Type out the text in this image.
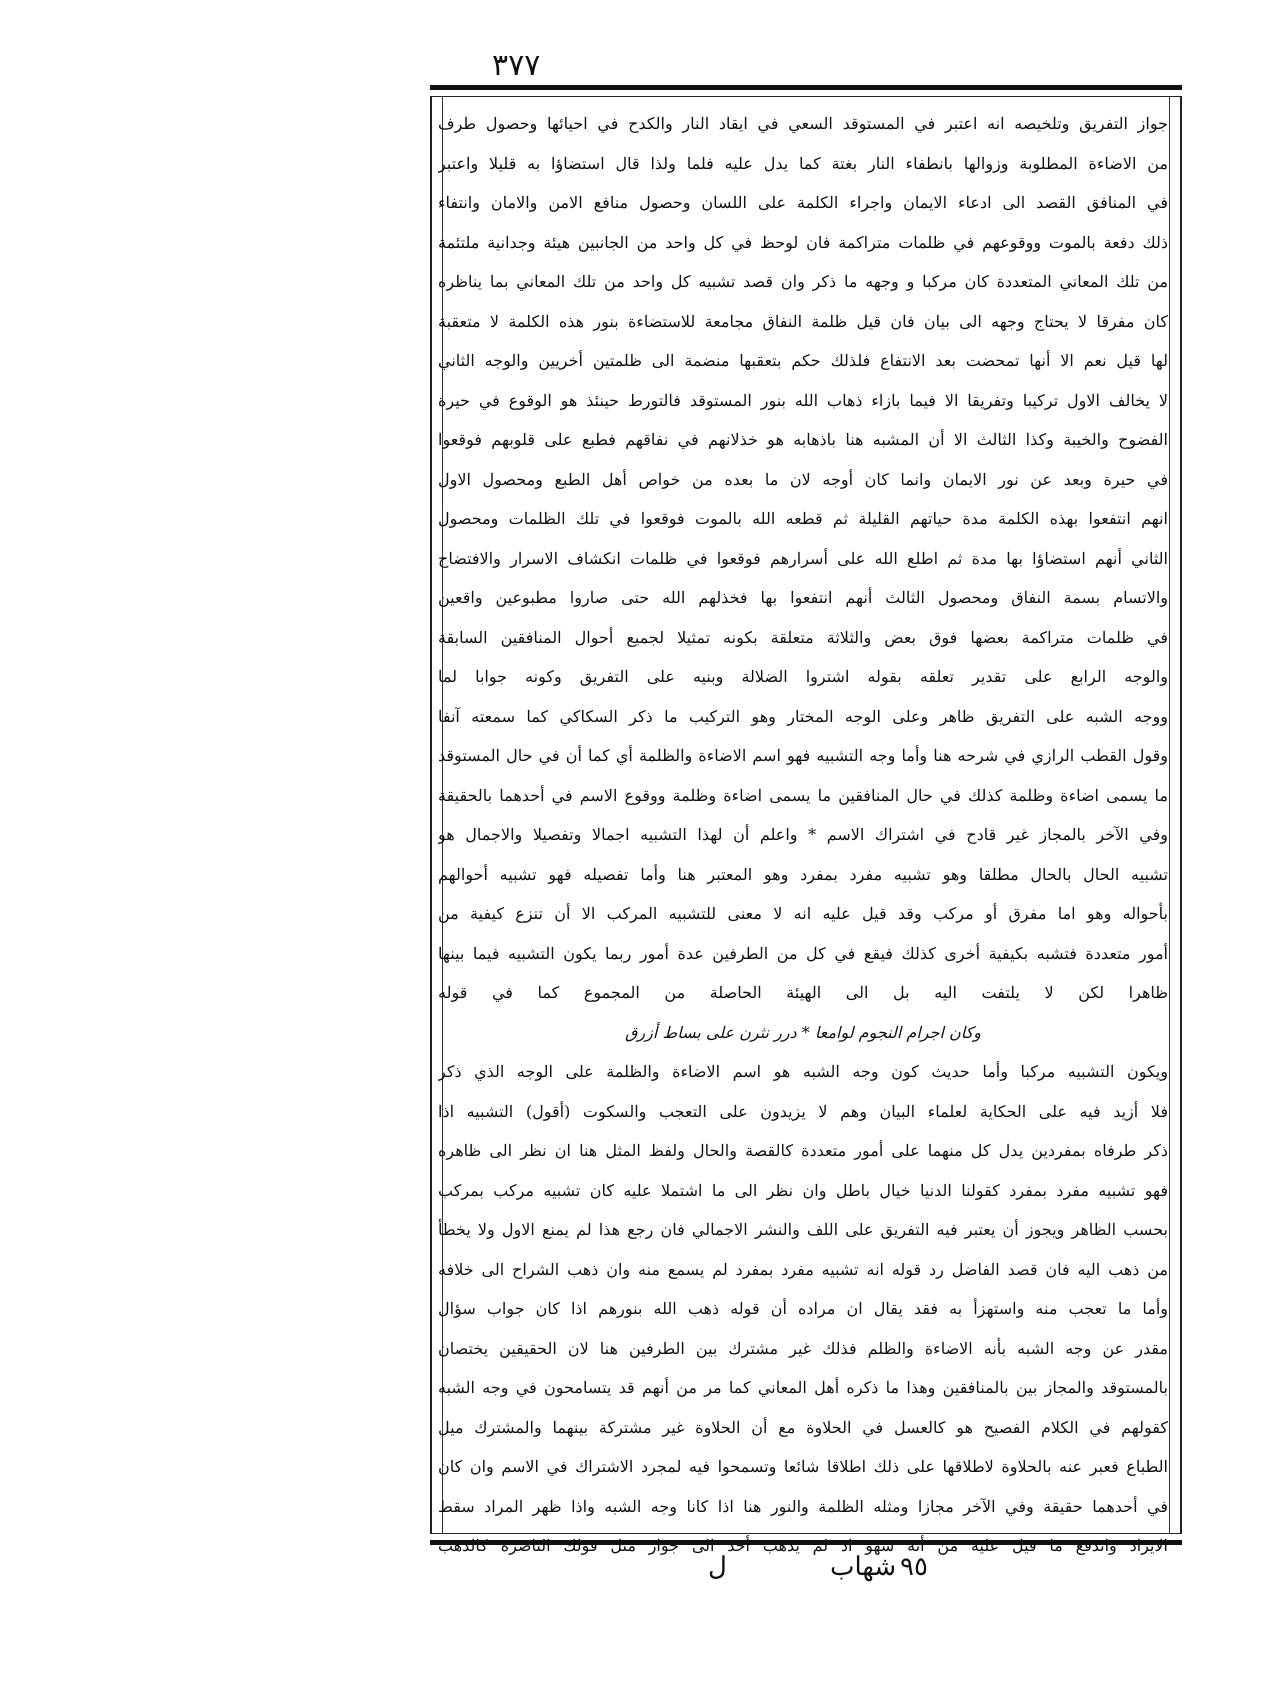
٣٧٧
جواز التفريق وتلخيصه انه اعتبر في المستوقد السعي في ايقاد النار والكدح في احيائها وحصول طرف
من الاضاءة المطلوبة وزوالها بانطفاء النار بغتة كما يدل عليه فلما ولذا قال استضاؤا به قليلا واعتبر
في المنافق القصد الى ادعاء الايمان واجراء الكلمة على اللسان وحصول منافع الامن والامان وانتفاء
ذلك دفعة بالموت ووقوعهم في ظلمات متراكمة فان لوحظ في كل واحد من الجانبين هيئة وجدانية ملتئمة
من تلك المعاني المتعددة كان مركبا و وجهه ما ذكر وان قصد تشبيه كل واحد من تلك المعاني بما يناظره
كان مفرقا لا يحتاج وجهه الى بيان فان قيل ظلمة النفاق مجامعة للاستضاءة بنور هذه الكلمة لا متعقبة
لها قيل نعم الا أنها تمحضت بعد الانتفاع فلذلك حكم بتعقبها منضمة الى ظلمتين أخريين والوجه الثاني
لا يخالف الاول تركيبا وتفريقا الا فيما بازاء ذهاب الله بنور المستوقد فالتورط حينئذ هو الوقوع في حيرة
الفضوح والخيبة وكذا الثالث الا أن المشبه هنا باذهابه هو خذلانهم في نفاقهم فطبع على قلوبهم فوقعوا
في حيرة وبعد عن نور الايمان وانما كان أوجه لان ما بعده من خواص أهل الطبع ومحصول الاول
انهم انتفعوا بهذه الكلمة مدة حياتهم القليلة ثم قطعه الله بالموت فوقعوا في تلك الظلمات ومحصول
الثاني أنهم استضاؤا بها مدة ثم اطلع الله على أسرارهم فوقعوا في ظلمات انكشاف الاسرار والافتضاح
والاتسام بسمة النفاق ومحصول الثالث أنهم انتفعوا بها فخذلهم الله حتى صاروا مطبوعين واقعين
في ظلمات متراكمة بعضها فوق بعض والثلاثة متعلقة بكونه تمثيلا لجميع أحوال المنافقين السابقة
والوجه الرابع على تقدير تعلقه بقوله اشتروا الضلالة وبنيه على التفريق وكونه جوابا لما
ووجه الشبه على التفريق ظاهر وعلى الوجه المختار وهو التركيب ما ذكر السكاكي كما سمعته آنفا
وقول القطب الرازي في شرحه هنا وأما وجه التشبيه فهو اسم الاضاءة والظلمة أي كما أن في حال المستوقد
ما يسمى اضاءة وظلمة كذلك في حال المنافقين ما يسمى اضاءة وظلمة ووقوع الاسم في أحدهما بالحقيقة
وفي الآخر بالمجاز غير قادح في اشتراك الاسم * واعلم أن لهذا التشبيه اجمالا وتفصيلا والاجمال هو
تشبيه الحال بالحال مطلقا وهو تشبيه مفرد بمفرد وهو المعتبر هنا وأما تفصيله فهو تشبيه أحوالهم
بأحواله وهو اما مفرق أو مركب وقد قيل عليه انه لا معنى للتشبيه المركب الا أن تنزع كيفية من
أمور متعددة فتشبه بكيفية أخرى كذلك فيقع في كل من الطرفين عدة أمور ربما يكون التشبيه فيما بينها
ظاهرا لكن لا يلتفت اليه بل الى الهيئة الحاصلة من المجموع كما في قوله
وكان اجرام النجوم لوامعا * درر نثرن على بساط أزرق
ويكون التشبيه مركبا وأما حديث كون وجه الشبه هو اسم الاضاءة والظلمة على الوجه الذي ذكر
فلا أزيد فيه على الحكاية لعلماء البيان وهم لا يزيدون على التعجب والسكوت (أقول) التشبيه اذا
ذكر طرفاه بمفردين يدل كل منهما على أمور متعددة كالقصة والحال ولفظ المثل هنا ان نظر الى ظاهره
فهو تشبيه مفرد بمفرد كقولنا الدنيا خيال باطل وان نظر الى ما اشتملا عليه كان تشبيه مركب بمركب
بحسب الظاهر ويجوز أن يعتبر فيه التفريق على اللف والنشر الاجمالي فان رجع هذا لم يمنع الاول ولا يخطأ
من ذهب اليه فان قصد الفاضل رد قوله انه تشبيه مفرد بمفرد لم يسمع منه وان ذهب الشراح الى خلافه
وأما ما تعجب منه واستهزأ به فقد يقال ان مراده أن قوله ذهب الله بنورهم اذا كان جواب سؤال
مقدر عن وجه الشبه بأنه الاضاءة والظلم فذلك غير مشترك بين الطرفين هنا لان الحقيقين يختصان
بالمستوقد والمجاز بين بالمنافقين وهذا ما ذكره أهل المعاني كما مر من أنهم قد يتسامحون في وجه الشبه
كقولهم في الكلام الفصيح هو كالعسل في الحلاوة مع أن الحلاوة غير مشتركة بينهما والمشترك ميل
الطباع فعبر عنه بالحلاوة لاطلاقها على ذلك اطلاقا شائعا وتسمحوا فيه لمجرد الاشتراك في الاسم وان كان
في أحدهما حقيقة وفي الآخر مجازا ومثله الظلمة والنور هنا اذا كانا وجه الشبه واذا ظهر المراد سقط
الايراد واندفع ما قيل عليه من أنه سهو اذ لم يذهب أحد الى جواز مثل قولك الناصرة كالذهب
ل	شهاب ٩٥
